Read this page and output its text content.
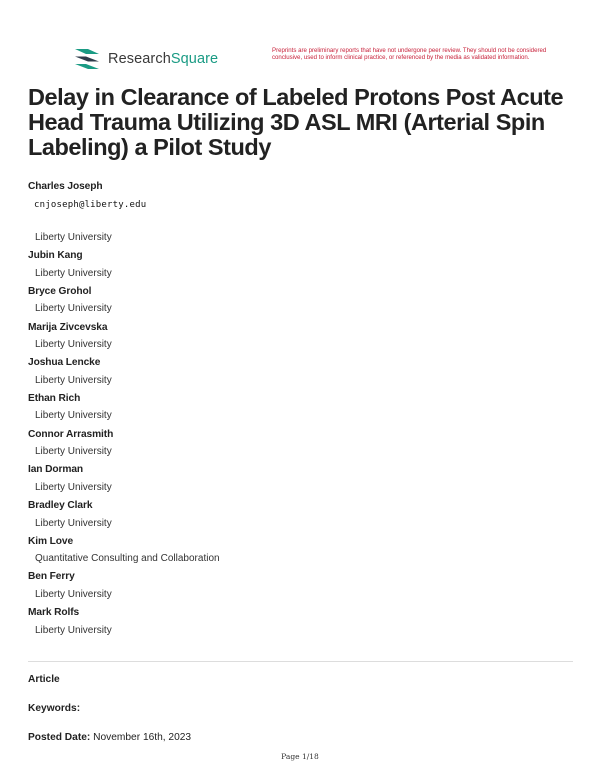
ResearchSquare
Preprints are preliminary reports that have not undergone peer review. They should not be considered conclusive, used to inform clinical practice, or referenced by the media as validated information.
Delay in Clearance of Labeled Protons Post Acute Head Trauma Utilizing 3D ASL MRI (Arterial Spin Labeling) a Pilot Study
Charles Joseph
cnjoseph@liberty.edu
Liberty University
Jubin Kang
Liberty University
Bryce Grohol
Liberty University
Marija Zivcevska
Liberty University
Joshua Lencke
Liberty University
Ethan Rich
Liberty University
Connor Arrasmith
Liberty University
Ian Dorman
Liberty University
Bradley Clark
Liberty University
Kim Love
Quantitative Consulting and Collaboration
Ben Ferry
Liberty University
Mark Rolfs
Liberty University
Article
Keywords:
Posted Date: November 16th, 2023
Page 1/18
